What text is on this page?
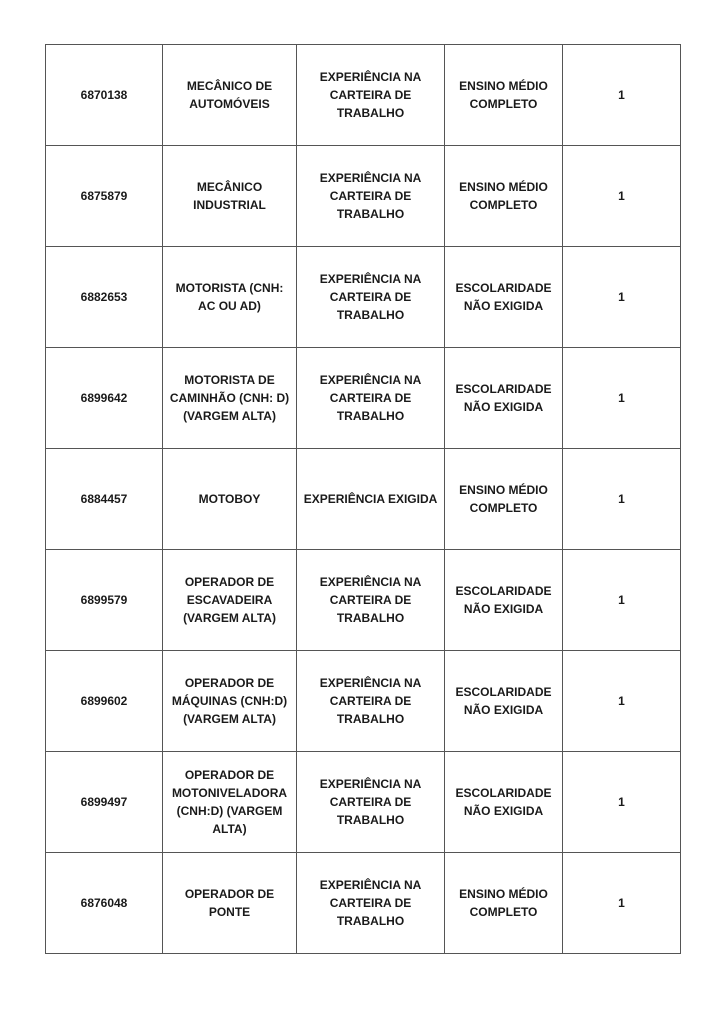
6870138	MECÂNICO DE AUTOMÓVEIS	EXPERIÊNCIA NA CARTEIRA DE TRABALHO	ENSINO MÉDIO COMPLETO	1

6875879	MECÂNICO INDUSTRIAL	EXPERIÊNCIA NA CARTEIRA DE TRABALHO	ENSINO MÉDIO COMPLETO	1

6882653	MOTORISTA (CNH: AC OU AD)	EXPERIÊNCIA NA CARTEIRA DE TRABALHO	ESCOLARIDADE NÃO EXIGIDA	1

6899642	MOTORISTA DE CAMINHÃO (CNH: D) (VARGEM ALTA)	EXPERIÊNCIA NA CARTEIRA DE TRABALHO	ESCOLARIDADE NÃO EXIGIDA	1

6884457	MOTOBOY	EXPERIÊNCIA EXIGIDA	ENSINO MÉDIO COMPLETO	1

6899579	OPERADOR DE ESCAVADEIRA (VARGEM ALTA)	EXPERIÊNCIA NA CARTEIRA DE TRABALHO	ESCOLARIDADE NÃO EXIGIDA	1

6899602	OPERADOR DE MÁQUINAS (CNH:D) (VARGEM ALTA)	EXPERIÊNCIA NA CARTEIRA DE TRABALHO	ESCOLARIDADE NÃO EXIGIDA	1

6899497	OPERADOR DE MOTONIVELADORA (CNH:D) (VARGEM ALTA)	EXPERIÊNCIA NA CARTEIRA DE TRABALHO	ESCOLARIDADE NÃO EXIGIDA	1

6876048	OPERADOR DE PONTE	EXPERIÊNCIA NA CARTEIRA DE TRABALHO	ENSINO MÉDIO COMPLETO	1
